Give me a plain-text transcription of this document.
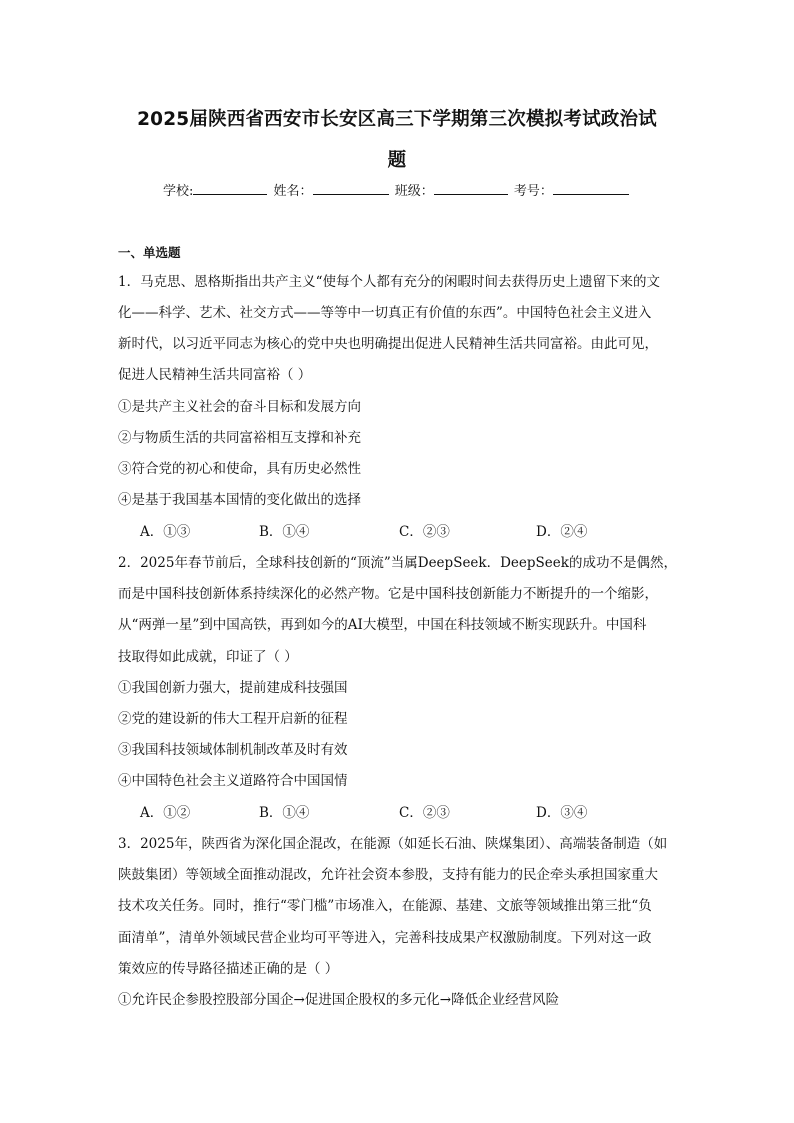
2025届陕西省西安市长安区高三下学期第三次模拟考试政治试
题
学校:	姓名：	班级：	考号：
一、单选题
1．马克思、恩格斯指出共产主义“使每个人都有充分的闲暇时间去获得历史上遗留下来的文
化——科学、艺术、社交方式——等等中一切真正有价值的东西”。中国特色社会主义进入
新时代，以习近平同志为核心的党中央也明确提出促进人民精神生活共同富裕。由此可见，
促进人民精神生活共同富裕（ ）
①是共产主义社会的奋斗目标和发展方向
②与物质生活的共同富裕相互支撑和补充
③符合党的初心和使命，具有历史必然性
④是基于我国基本国情的变化做出的选择
A．①③	B．①④	C．②③	D．②④
2．2025年春节前后，全球科技创新的“顶流”当属DeepSeek．DeepSeek的成功不是偶然，
而是中国科技创新体系持续深化的必然产物。它是中国科技创新能力不断提升的一个缩影，
从“两弹一星”到中国高铁，再到如今的AI大模型，中国在科技领域不断实现跃升。中国科
技取得如此成就，印证了（ ）
①我国创新力强大，提前建成科技强国
②党的建设新的伟大工程开启新的征程
③我国科技领域体制机制改革及时有效
④中国特色社会主义道路符合中国国情
A．①②	B．①④	C．②③	D．③④
3．2025年，陕西省为深化国企混改，在能源（如延长石油、陕煤集团）、高端装备制造（如
陕鼓集团）等领域全面推动混改，允许社会资本参股，支持有能力的民企牵头承担国家重大
技术攻关任务。同时，推行“零门槛”市场准入，在能源、基建、文旅等领域推出第三批“负
面清单”，清单外领域民营企业均可平等进入，完善科技成果产权激励制度。下列对这一政
策效应的传导路径描述正确的是（ ）
①允许民企参股控股部分国企→促进国企股权的多元化→降低企业经营风险
